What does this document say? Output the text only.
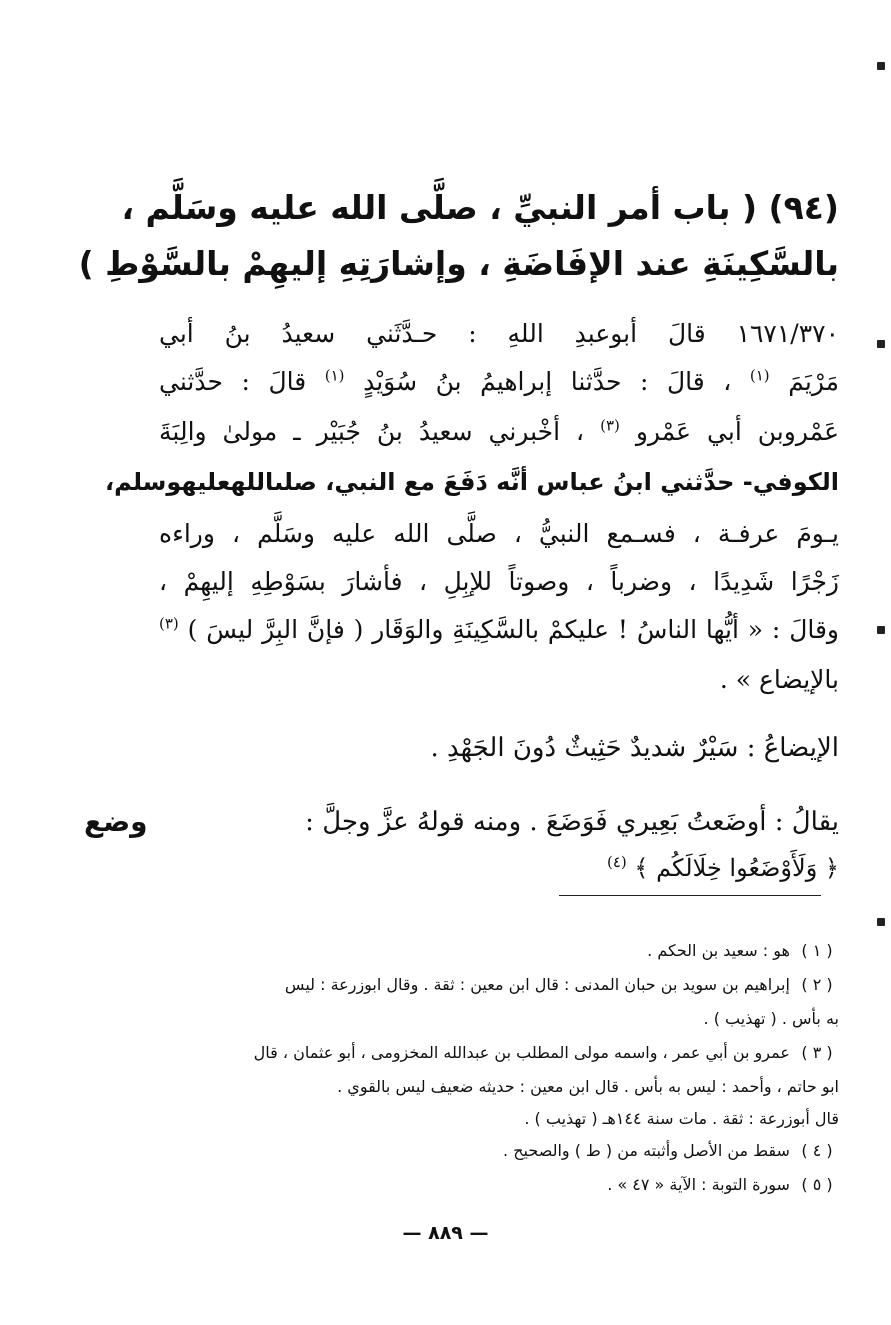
(٩٤) ( باب أمر النبيِّ ، صلَّى الله عليه وسَلَّم ،
بالسَّكِينَةِ عند الإفَاضَةِ ، وإشارَتِهِ إليهِمْ بالسَّوْطِ )
١٦٧١/٣٧٠ قالَ أبوعبدِ اللهِ : حـدَّثَني سعيدُ بنُ أبي
مَرْيَمَ $^{(١)}$ ، قالَ : حدَّثنا إبراهيمُ بنُ سُوَيْدٍ $^{(١)}$ قالَ : حدَّثني
عَمْروبن أبي عَمْرو $^{(٣)}$ ، أخْبرني سعيدُ بنُ جُبَيْر ـ مولىٰ والِبَةَ
الكوفي- حدَّثني ابنُ عباس أنَّه دَفَعَ مع النبي، صلىاللهعليهوسلم،
يـومَ عرفـة ، فسـمع النبيُّ ، صلَّى الله عليه وسَلَّم ، وراءه
زَجْرًا شَدِيدًا ، وضرباً ، وصوتاً للإبِلِ ، فأشارَ بسَوْطِهِ إليهِمْ ،
وقالَ : « أيُّها الناسُ ! عليكمْ بالسَّكِينَةِ والوَقَار ( فإنَّ البِرَّ ليسَ ) $^{(٣)}$
بالإيضاع » .
الإيضاعُ : سَيْرٌ شديدٌ حَثِيثٌ دُونَ الجَهْدِ .
يقالُ : أوضَعتُ بَعِيري فَوَضَعَ . ومنه قولهُ عزَّ وجلَّ :
وضع
﴿ وَلَأَوْضَعُوا خِلَالَكُم ﴾ $^{(٤)}$
( ١ ) هو : سعيد بن الحكم .
( ٢ ) إبراهيم بن سويد بن حبان المدنى : قال ابن معين : ثقة . وقال ابوزرعة : ليس
به بأس . ( تهذيب ) .
( ٣ ) عمرو بن أبي عمر ، واسمه مولى المطلب بن عبدالله المخزومى ، أبو عثمان ، قال
ابو حاتم ، وأحمد : ليس به بأس . قال ابن معين : حديثه ضعيف ليس بالقوي .
قال أبوزرعة : ثقة . مات سنة ١٤٤هـ ( تهذيب ) .
( ٤ ) سقط من الأصل وأثبته من ( ط ) والصحيح .
( ٥ ) سورة التوبة : الآية « ٤٧ » .
— ٨٨٩ —
